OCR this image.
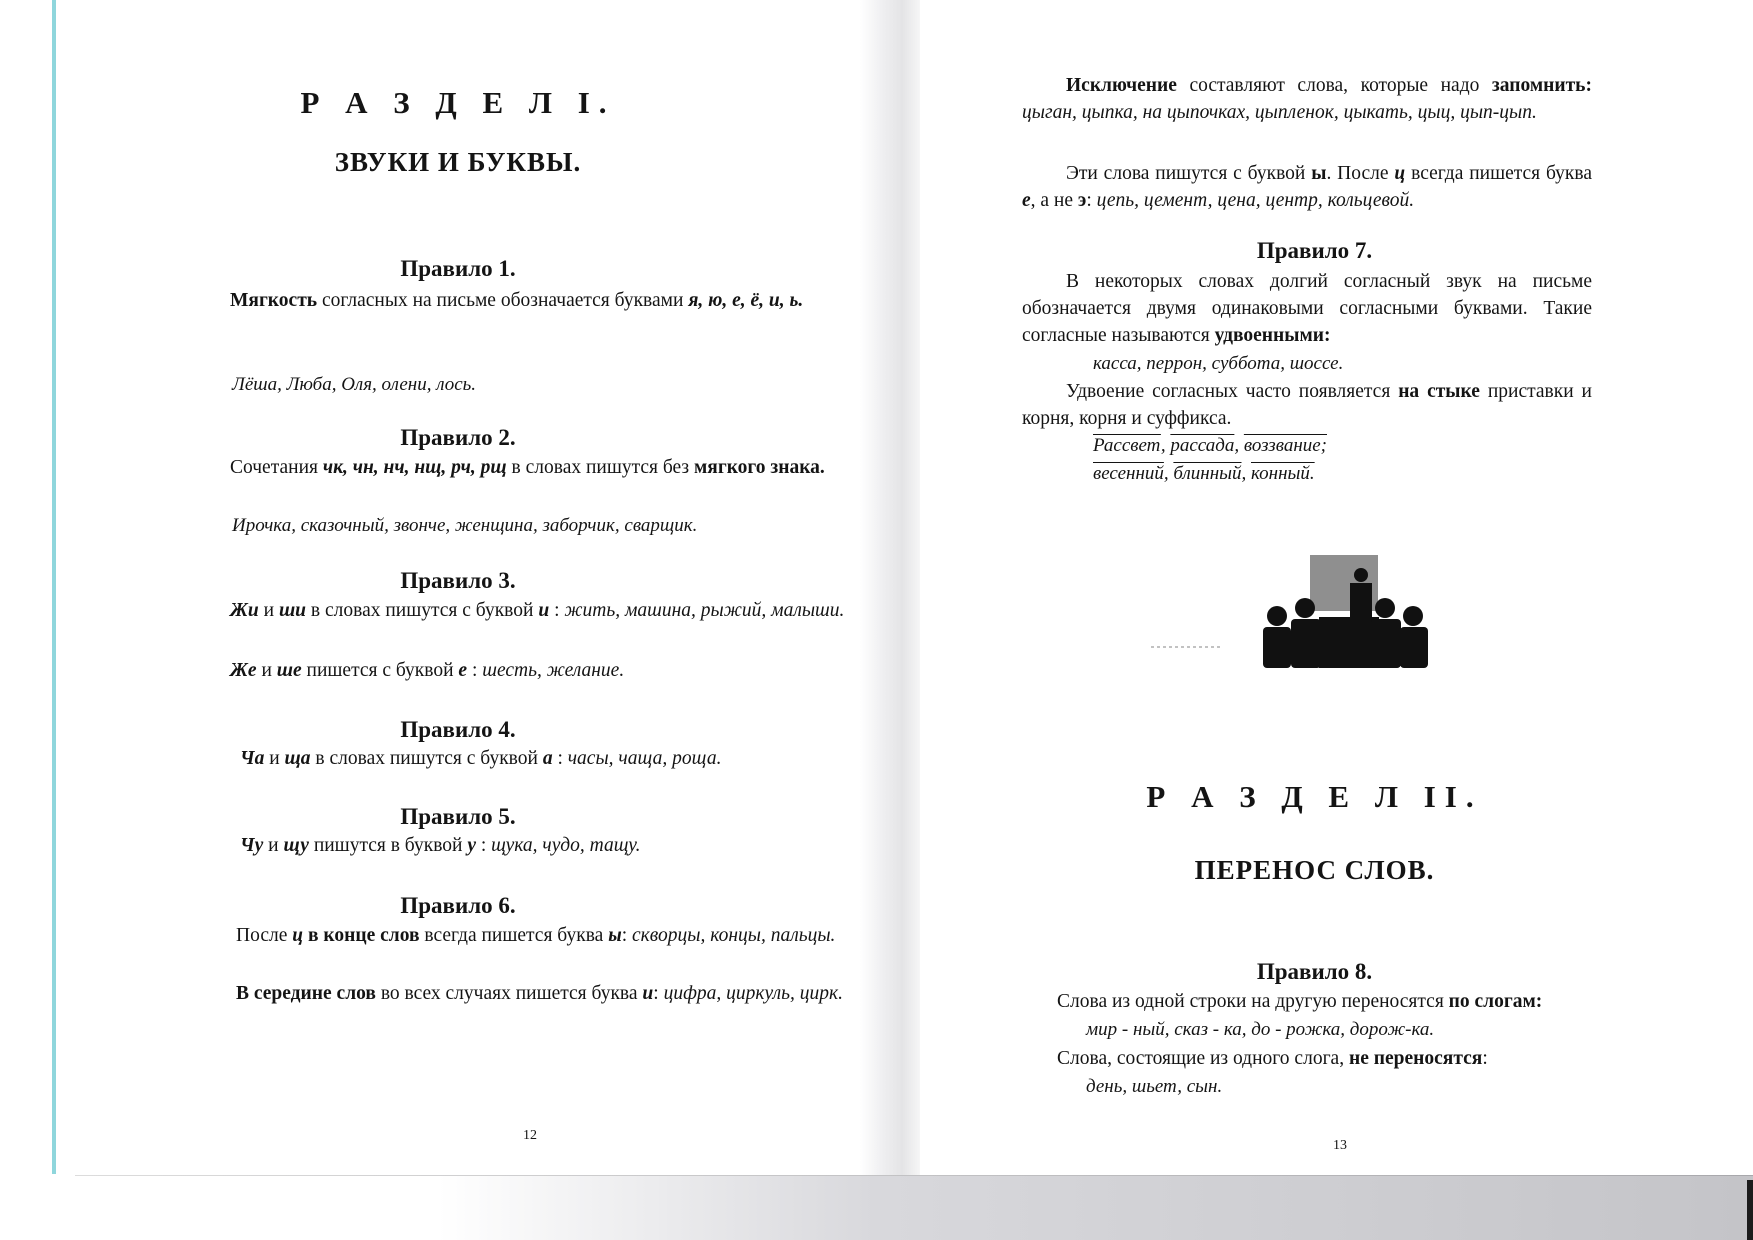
Р А З Д Е Л I.
ЗВУКИ И БУКВЫ.
Правило 1.
Мягкость согласных на письме обозначается буквами я, ю, е, ё, и, ь.
Лёша, Люба, Оля, олени, лось.
Правило 2.
Сочетания чк, чн, нч, нщ, рч, рщ в словах пишутся без мягкого знака.
Ирочка, сказочный, звонче, женщина, заборчик, сварщик.
Правило 3.
Жи и ши в словах пишутся с буквой и : жить, машина, рыжий, малыши.
Же и ше пишется с буквой е : шесть, желание.
Правило 4.
Ча и ща в словах пишутся с буквой а : часы, чаща, роща.
Правило 5.
Чу и щу пишутся в буквой у : щука, чудо, тащу.
Правило 6.
После ц в конце слов всегда пишется буква ы: скворцы, концы, пальцы.
В середине слов во всех случаях пишется буква и: цифра, циркуль, цирк.
12
Исключение составляют слова, которые надо запомнить: цыган, цыпка, на цыпочках, цыпленок, цыкать, цыц, цып-цып.
Эти слова пишутся с буквой ы. После ц всегда пишется буква е, а не э: цепь, цемент, цена, центр, кольцевой.
Правило 7.
В некоторых словах долгий согласный звук на письме обозначается двумя одинаковыми согласными буквами. Такие согласные называются удвоенными:
касса, перрон, суббота, шоссе.
Удвоение согласных часто появляется на стыке приставки и корня, корня и суффикса.
Рассвет, рассада, воззвание;
весенний, блинный, конный.
Р А З Д Е Л II.
ПЕРЕНОС СЛОВ.
Правило 8.
Слова из одной строки на другую переносятся по слогам:
мир - ный, сказ - ка, до - рожка, дорож-ка.
Слова, состоящие из одного слога, не переносятся:
день, шьет, сын.
13
